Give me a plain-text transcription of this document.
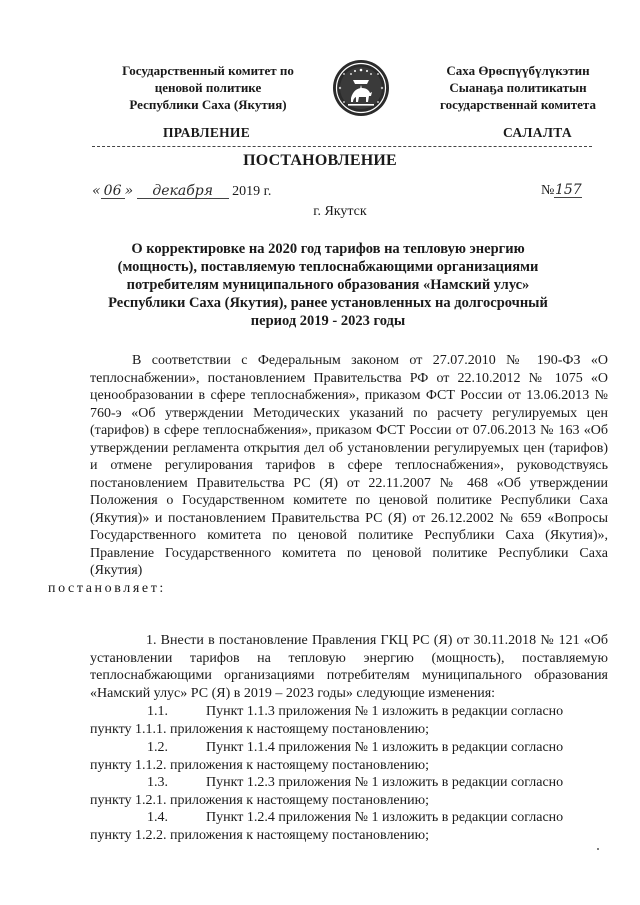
Государственный комитет по
ценовой политике
Республики Саха (Якутия)
Саха Өрөспүүбүлүкэтин
Сыанаҕа политикатын
государственнай комитета
ПРАВЛЕНИЕ	САЛАЛТА
ПОСТАНОВЛЕНИЕ
« 06 » декабря 2019 г.	№157
г. Якутск
О корректировке на 2020 год тарифов на тепловую энергию
(мощность), поставляемую теплоснабжающими организациями
потребителям муниципального образования «Намский улус»
Республики Саха (Якутия), ранее установленных на долгосрочный
период 2019 - 2023 годы
В соответствии с Федеральным законом от 27.07.2010 № 190-ФЗ «О теплоснабжении», постановлением Правительства РФ от 22.10.2012 № 1075 «О ценообразовании в сфере теплоснабжения», приказом ФСТ России от 13.06.2013 № 760-э «Об утверждении Методических указаний по расчету регулируемых цен (тарифов) в сфере теплоснабжения», приказом ФСТ России от 07.06.2013 № 163 «Об утверждении регламента открытия дел об установлении регулируемых цен (тарифов) и отмене регулирования тарифов в сфере теплоснабжения», руководствуясь постановлением Правительства РС (Я) от 22.11.2007 № 468 «Об утверждении Положения о Государственном комитете по ценовой политике Республики Саха (Якутия)» и постановлением Правительства РС (Я) от 26.12.2002 № 659 «Вопросы Государственного комитета по ценовой политике Республики Саха (Якутия)», Правление Государственного комитета по ценовой политике Республики Саха (Якутия)
постановляет:
1. Внести в постановление Правления ГКЦ РС (Я) от 30.11.2018 № 121 «Об установлении тарифов на тепловую энергию (мощность), поставляемую теплоснабжающими организациями потребителям муниципального образования «Намский улус» РС (Я) в 2019 – 2023 годы» следующие изменения:
1.1.	Пункт 1.1.3 приложения № 1 изложить в редакции согласно
пункту 1.1.1. приложения к настоящему постановлению;
1.2.	Пункт 1.1.4 приложения № 1 изложить в редакции согласно
пункту 1.1.2. приложения к настоящему постановлению;
1.3.	Пункт 1.2.3 приложения № 1 изложить в редакции согласно
пункту 1.2.1. приложения к настоящему постановлению;
1.4.	Пункт 1.2.4 приложения № 1 изложить в редакции согласно
пункту 1.2.2. приложения к настоящему постановлению;
